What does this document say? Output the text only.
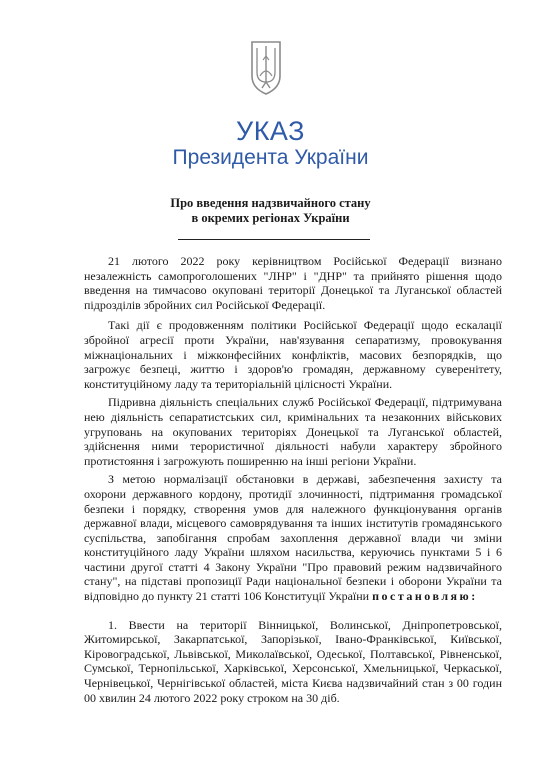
УКАЗ
Президента України
Про введення надзвичайного стану
в окремих регіонах України

21 лютого 2022 року керівництвом Російської Федерації визнано незалежність самопроголошених "ЛНР" і "ДНР" та прийнято рішення щодо введення на тимчасово окуповані території Донецької та Луганської областей підрозділів збройних сил Російської Федерації.

Такі дії є продовженням політики Російської Федерації щодо ескалації збройної агресії проти України, нав'язування сепаратизму, провокування міжнаціональних і міжконфесійних конфліктів, масових безпорядків, що загрожує безпеці, життю і здоров'ю громадян, державному суверенітету, конституційному ладу та територіальній цілісності України.

Підривна діяльність спеціальних служб Російської Федерації, підтримувана нею діяльність сепаратистських сил, кримінальних та незаконних військових угруповань на окупованих територіях Донецької та Луганської областей, здійснення ними терористичної діяльності набули характеру збройного протистояння і загрожують поширенню на інші регіони України.

З метою нормалізації обстановки в державі, забезпечення захисту та охорони державного кордону, протидії злочинності, підтримання громадської безпеки і порядку, створення умов для належного функціонування органів державної влади, місцевого самоврядування та інших інститутів громадянського суспільства, запобігання спробам захоплення державної влади чи зміни конституційного ладу України шляхом насильства, керуючись пунктами 5 і 6 частини другої статті 4 Закону України "Про правовий режим надзвичайного стану", на підставі пропозиції Ради національної безпеки і оборони України та відповідно до пункту 21 статті 106 Конституції України постановляю:

1. Ввести на території Вінницької, Волинської, Дніпропетровської, Житомирської, Закарпатської, Запорізької, Івано-Франківської, Київської, Кіровоградської, Львівської, Миколаївської, Одеської, Полтавської, Рівненської, Сумської, Тернопільської, Харківської, Херсонської, Хмельницької, Черкаської, Чернівецької, Чернігівської областей, міста Києва надзвичайний стан з 00 годин 00 хвилин 24 лютого 2022 року строком на 30 діб.
